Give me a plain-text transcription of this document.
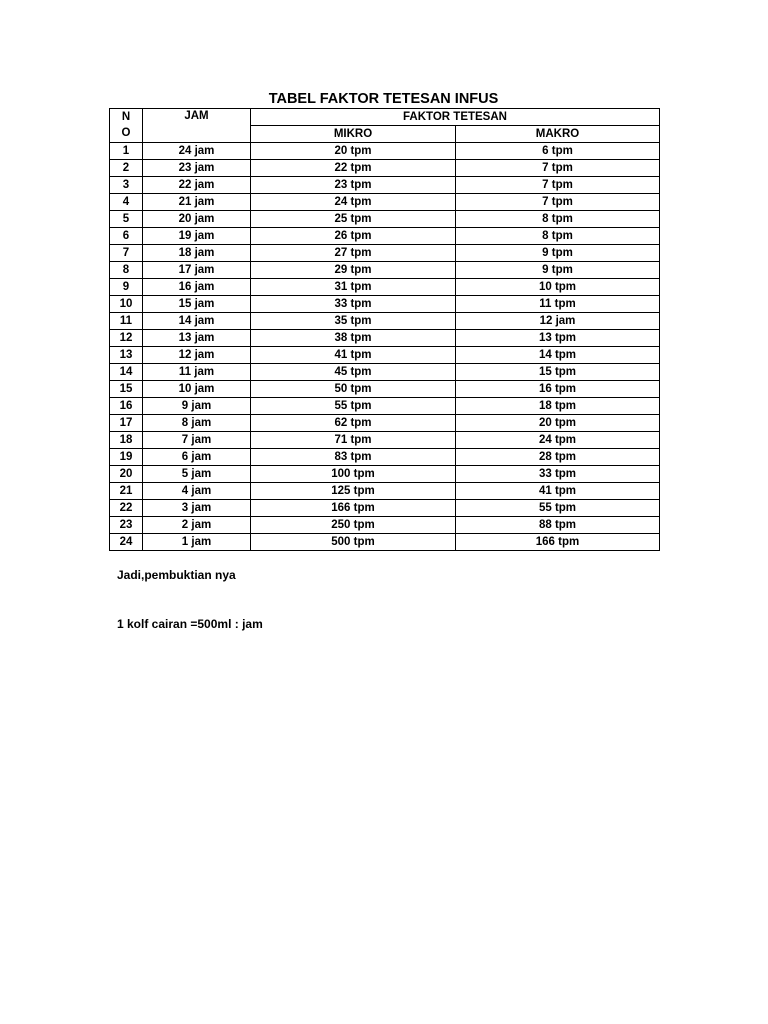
TABEL FAKTOR TETESAN INFUS
N
O	JAM	FAKTOR TETESAN	
		MIKRO	MAKRO
1	24 jam	20 tpm	6 tpm
2	23 jam	22 tpm	7 tpm
3	22 jam	23 tpm	7 tpm
4	21 jam	24 tpm	7 tpm
5	20 jam	25 tpm	8 tpm
6	19 jam	26 tpm	8 tpm
7	18 jam	27 tpm	9 tpm
8	17 jam	29 tpm	9 tpm
9	16 jam	31 tpm	10 tpm
10	15 jam	33 tpm	11 tpm
11	14 jam	35 tpm	12 jam
12	13 jam	38 tpm	13 tpm
13	12 jam	41 tpm	14 tpm
14	11 jam	45 tpm	15 tpm
15	10 jam	50 tpm	16 tpm
16	9 jam	55 tpm	18 tpm
17	8 jam	62 tpm	20 tpm
18	7 jam	71 tpm	24 tpm
19	6 jam	83 tpm	28 tpm
20	5 jam	100 tpm	33 tpm
21	4 jam	125 tpm	41 tpm
22	3 jam	166 tpm	55 tpm
23	2 jam	250 tpm	88 tpm
24	1 jam	500 tpm	166 tpm
Jadi,pembuktian nya
1 kolf cairan =500ml : jam
